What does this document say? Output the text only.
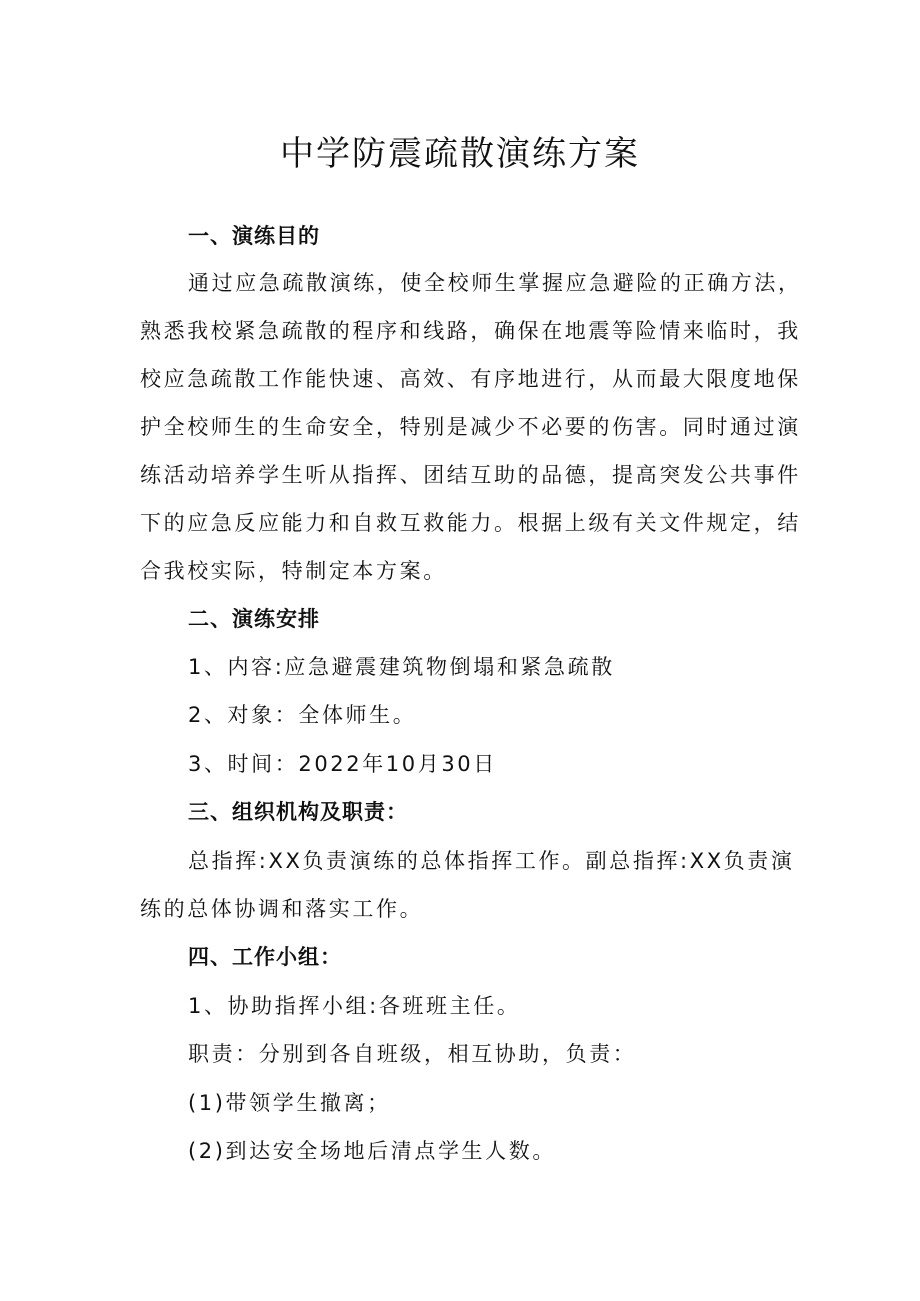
中学防震疏散演练方案
一、演练目的
通过应急疏散演练，使全校师生掌握应急避险的正确方法，
熟悉我校紧急疏散的程序和线路，确保在地震等险情来临时，我
校应急疏散工作能快速、高效、有序地进行，从而最大限度地保
护全校师生的生命安全，特别是减少不必要的伤害。同时通过演
练活动培养学生听从指挥、团结互助的品德，提高突发公共事件
下的应急反应能力和自救互救能力。根据上级有关文件规定，结
合我校实际，特制定本方案。
二、演练安排
1、内容:应急避震建筑物倒塌和紧急疏散
2、对象：全体师生。
3、时间：2022年10月30日
三、组织机构及职责：
总指挥:XX负责演练的总体指挥工作。副总指挥:XX负责演
练的总体协调和落实工作。
四、工作小组：
1、协助指挥小组:各班班主任。
职责：分别到各自班级，相互协助，负责：
(1)带领学生撤离；
(2)到达安全场地后清点学生人数。
